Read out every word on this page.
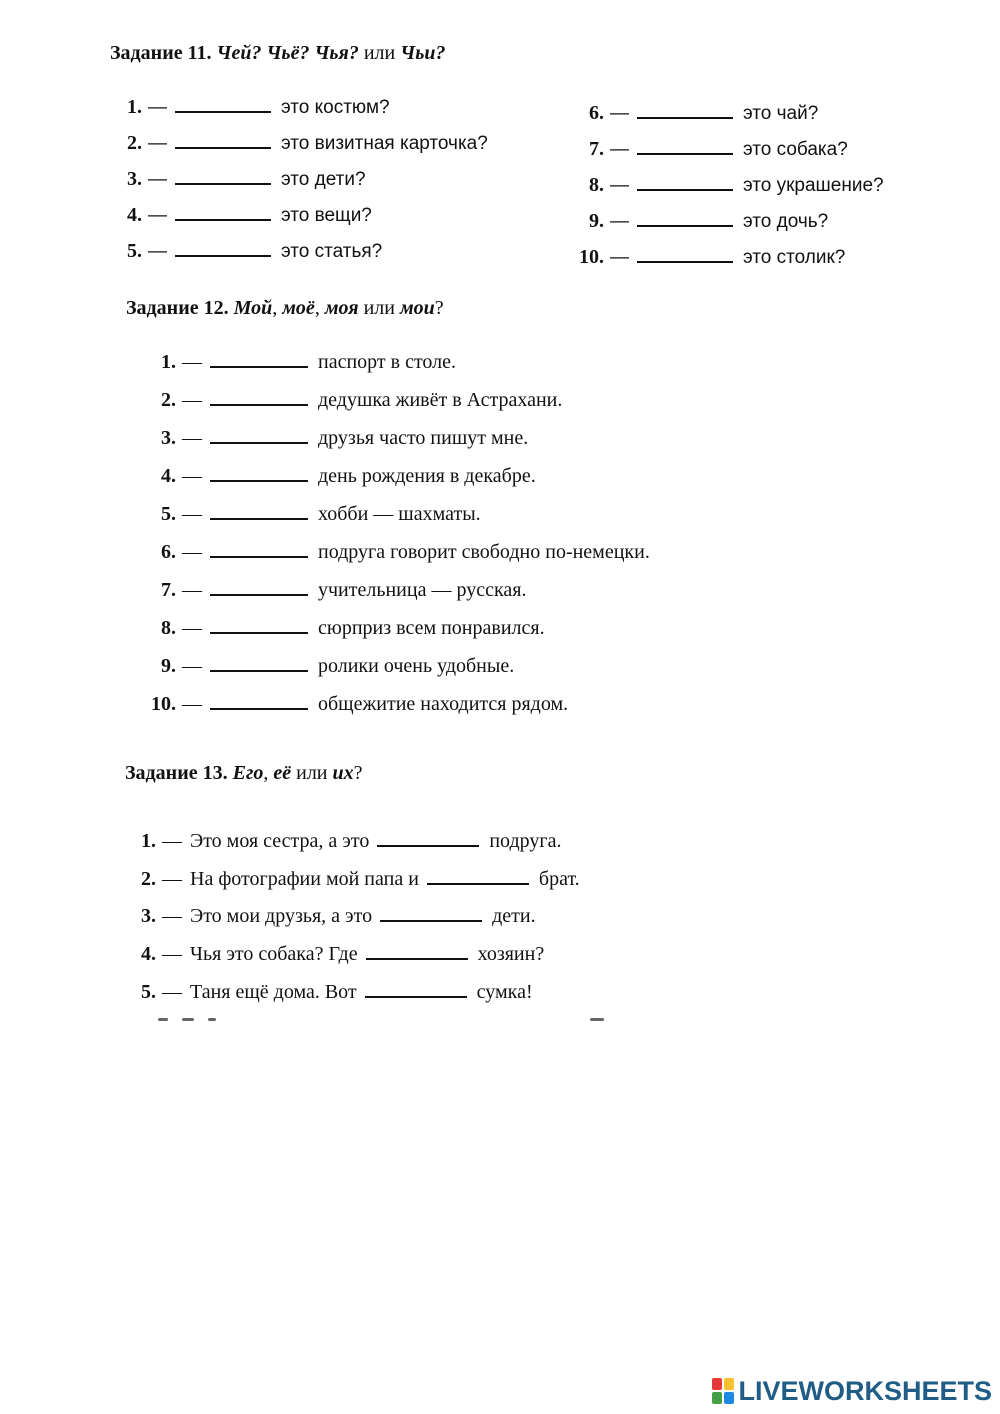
Задание 11. Чей? Чьё? Чья? или Чьи?
1. —	это костюм?
2. —	это визитная карточка?
3. —	это дети?
4. —	это вещи?
5. —	это статья?
6. —	это чай?
7. —	это собака?
8. —	это украшение?
9. —	это дочь?
10. —	это столик?
Задание 12. Мой, моё, моя или мои?
1. —	паспорт в столе.
2. —	дедушка живёт в Астрахани.
3. —	друзья часто пишут мне.
4. —	день рождения в декабре.
5. —	хобби — шахматы.
6. —	подруга говорит свободно по-немецки.
7. —	учительница — русская.
8. —	сюрприз всем понравился.
9. —	ролики очень удобные.
10. —	общежитие находится рядом.
Задание 13. Его, её или их?
1. — Это моя сестра, а это	подруга.
2. — На фотографии мой папа и	брат.
3. — Это мои друзья, а это	дети.
4. — Чья это собака? Где	хозяин?
5. — Таня ещё дома. Вот	сумка!
LIVEWORKSHEETS
